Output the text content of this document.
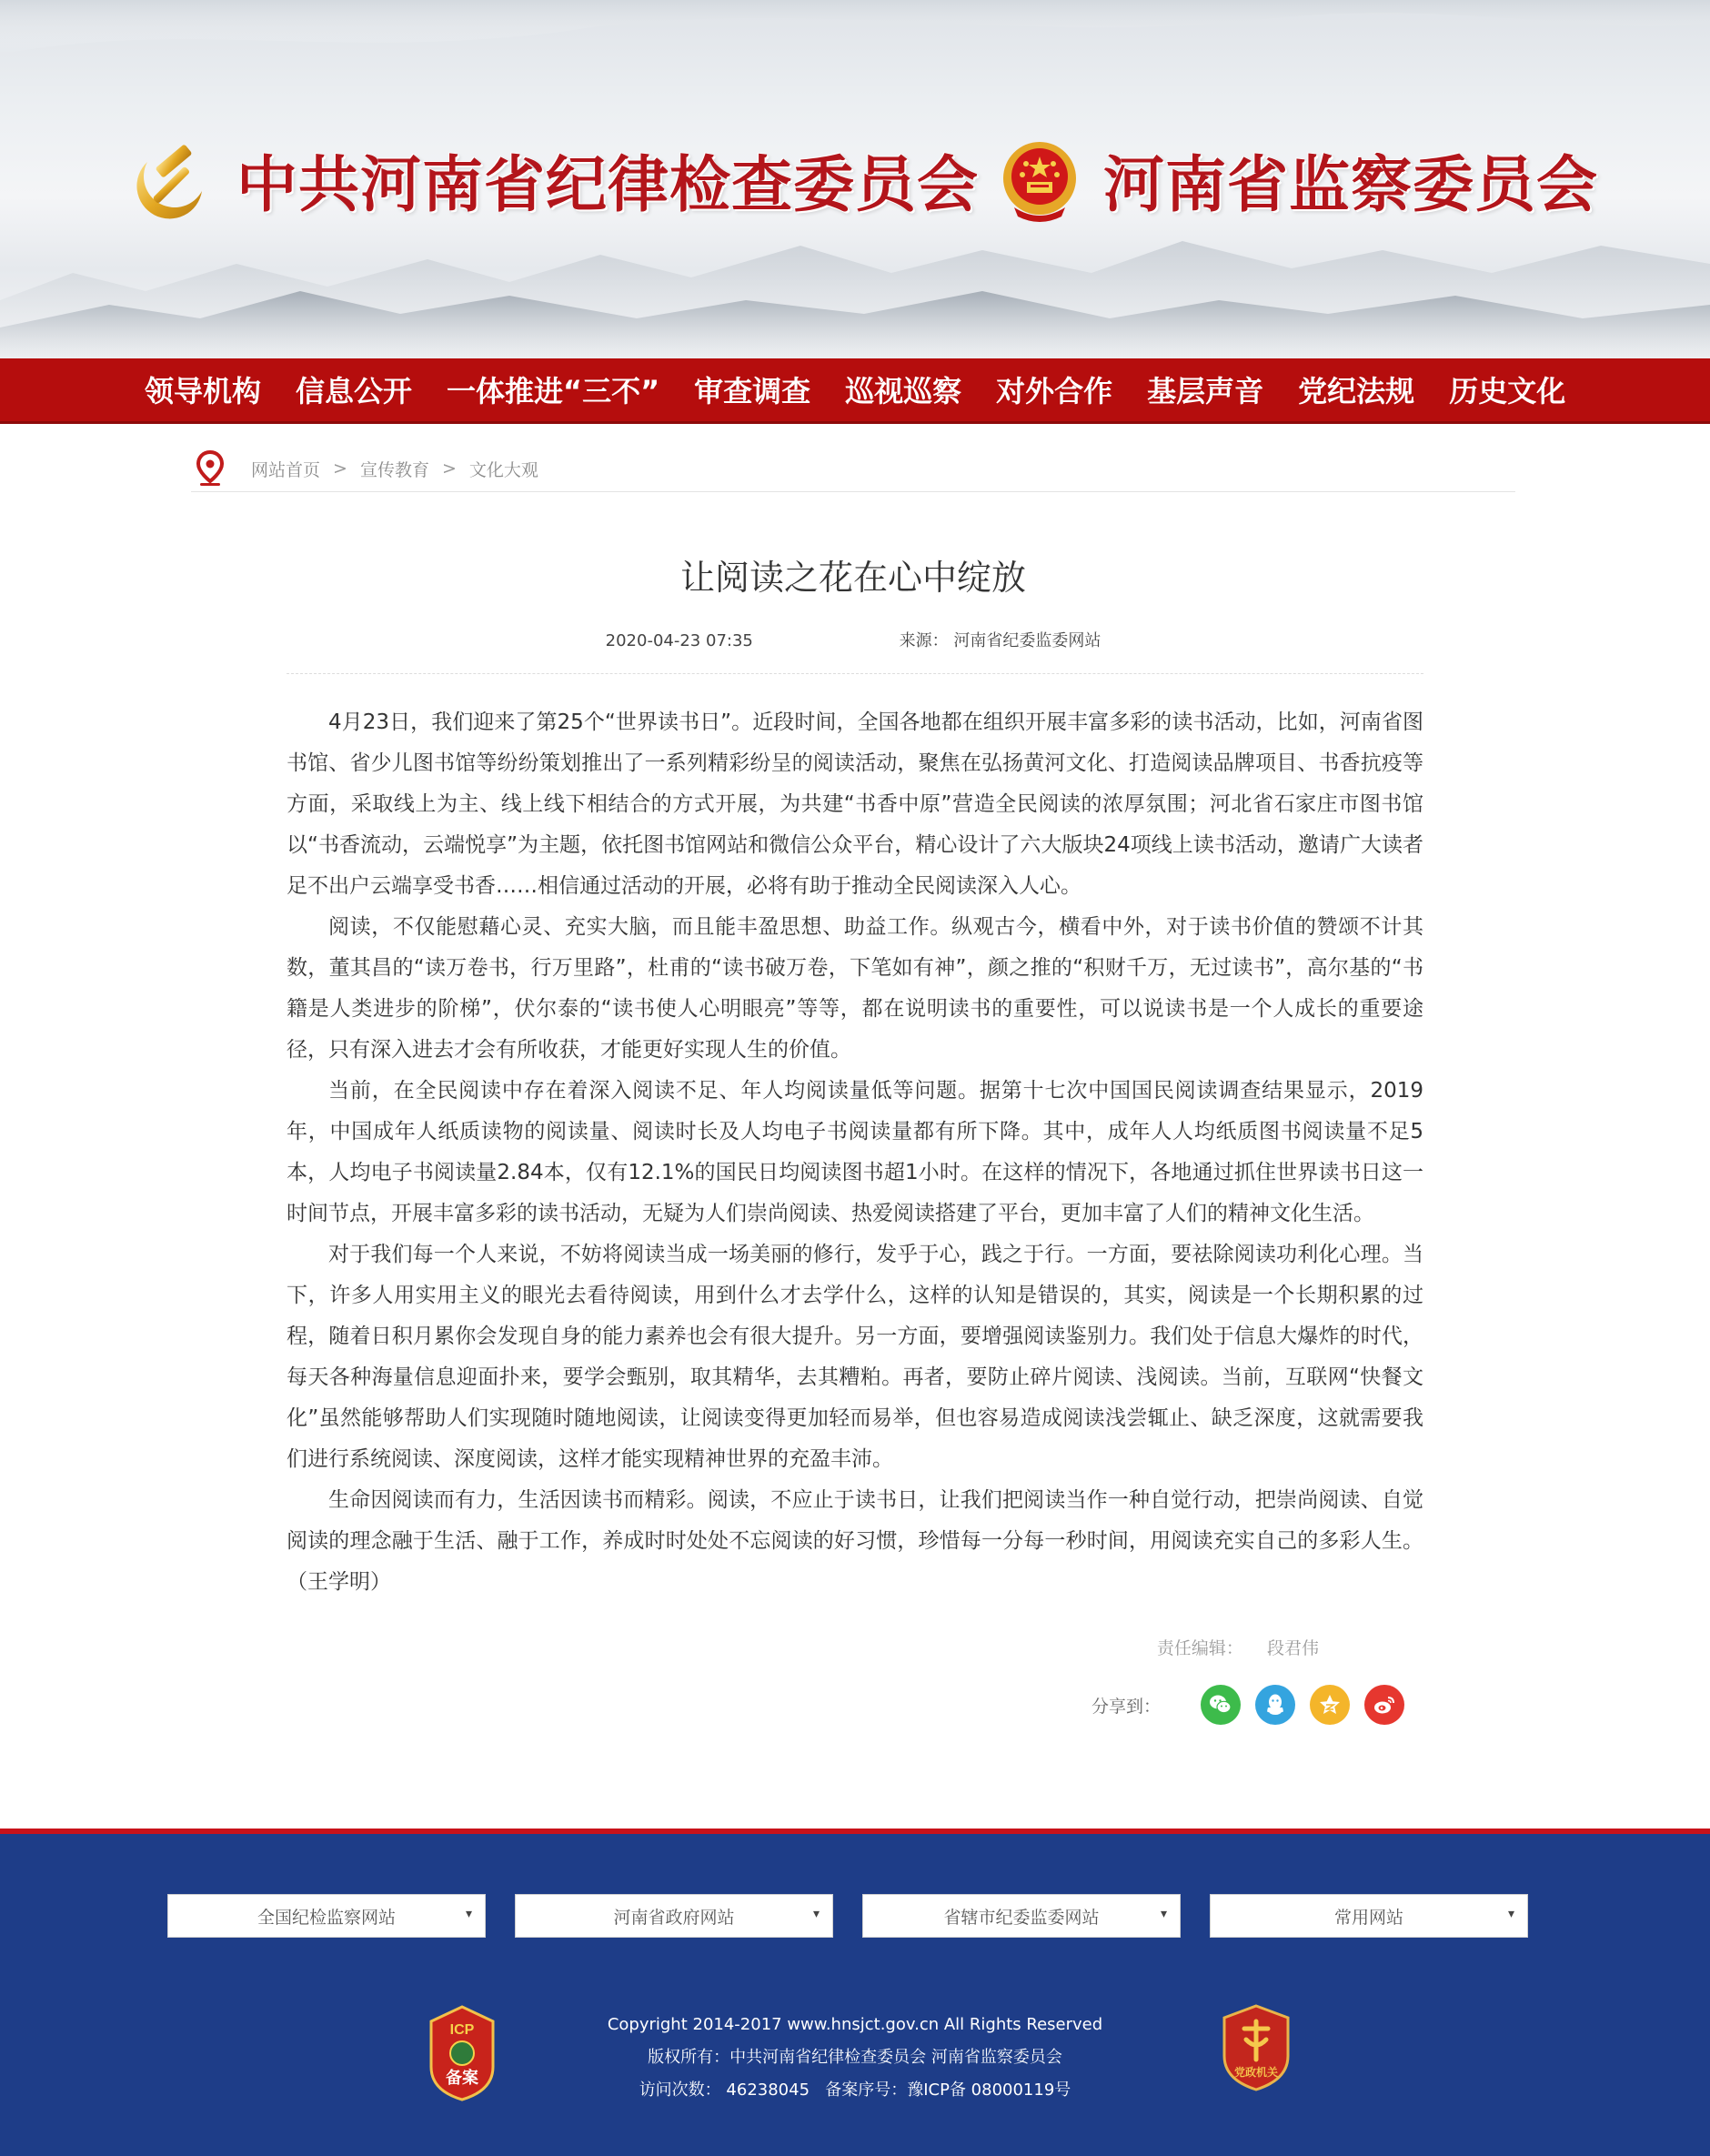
中共河南省纪律检查委员会 河南省监察委员会
领导机构	信息公开	一体推进“三不”	审查调查	巡视巡察	对外合作	基层声音	党纪法规	历史文化
网站首页 > 宣传教育 > 文化大观
让阅读之花在心中绽放
2020-04-23 07:35	来源： 河南省纪委监委网站

4月23日，我们迎来了第25个“世界读书日”。近段时间，全国各地都在组织开展丰富多彩的读书活动，比如，河南省图书馆、省少儿图书馆等纷纷策划推出了一系列精彩纷呈的阅读活动，聚焦在弘扬黄河文化、打造阅读品牌项目、书香抗疫等方面，采取线上为主、线上线下相结合的方式开展，为共建“书香中原”营造全民阅读的浓厚氛围；河北省石家庄市图书馆以“书香流动，云端悦享”为主题，依托图书馆网站和微信公众平台，精心设计了六大版块24项线上读书活动，邀请广大读者足不出户云端享受书香……相信通过活动的开展，必将有助于推动全民阅读深入人心。

阅读，不仅能慰藉心灵、充实大脑，而且能丰盈思想、助益工作。纵观古今，横看中外，对于读书价值的赞颂不计其数，董其昌的“读万卷书，行万里路”，杜甫的“读书破万卷，下笔如有神”，颜之推的“积财千万，无过读书”，高尔基的“书籍是人类进步的阶梯”，伏尔泰的“读书使人心明眼亮”等等，都在说明读书的重要性，可以说读书是一个人成长的重要途径，只有深入进去才会有所收获，才能更好实现人生的价值。

当前，在全民阅读中存在着深入阅读不足、年人均阅读量低等问题。据第十七次中国国民阅读调查结果显示，2019年，中国成年人纸质读物的阅读量、阅读时长及人均电子书阅读量都有所下降。其中，成年人人均纸质图书阅读量不足5本，人均电子书阅读量2.84本，仅有12.1%的国民日均阅读图书超1小时。在这样的情况下，各地通过抓住世界读书日这一时间节点，开展丰富多彩的读书活动，无疑为人们崇尚阅读、热爱阅读搭建了平台，更加丰富了人们的精神文化生活。

对于我们每一个人来说，不妨将阅读当成一场美丽的修行，发乎于心，践之于行。一方面，要祛除阅读功利化心理。当下，许多人用实用主义的眼光去看待阅读，用到什么才去学什么，这样的认知是错误的，其实，阅读是一个长期积累的过程，随着日积月累你会发现自身的能力素养也会有很大提升。另一方面，要增强阅读鉴别力。我们处于信息大爆炸的时代，每天各种海量信息迎面扑来，要学会甄别，取其精华，去其糟粕。再者，要防止碎片阅读、浅阅读。当前，互联网“快餐文化”虽然能够帮助人们实现随时随地阅读，让阅读变得更加轻而易举，但也容易造成阅读浅尝辄止、缺乏深度，这就需要我们进行系统阅读、深度阅读，这样才能实现精神世界的充盈丰沛。

生命因阅读而有力，生活因读书而精彩。阅读，不应止于读书日，让我们把阅读当作一种自觉行动，把崇尚阅读、自觉阅读的理念融于生活、融于工作，养成时时处处不忘阅读的好习惯，珍惜每一分每一秒时间，用阅读充实自己的多彩人生。（王学明）

责任编辑： 段君伟
分享到：
全国纪检监察网站	▾	河南省政府网站	▾	省辖市纪委监委网站	▾	常用网站	▾
ICP
备案
Copyright 2014-2017 www.hnsjct.gov.cn All Rights Reserved
版权所有：中共河南省纪律检查委员会 河南省监察委员会
访问次数： 46238045 备案序号：豫ICP备 08000119号
党政机关
